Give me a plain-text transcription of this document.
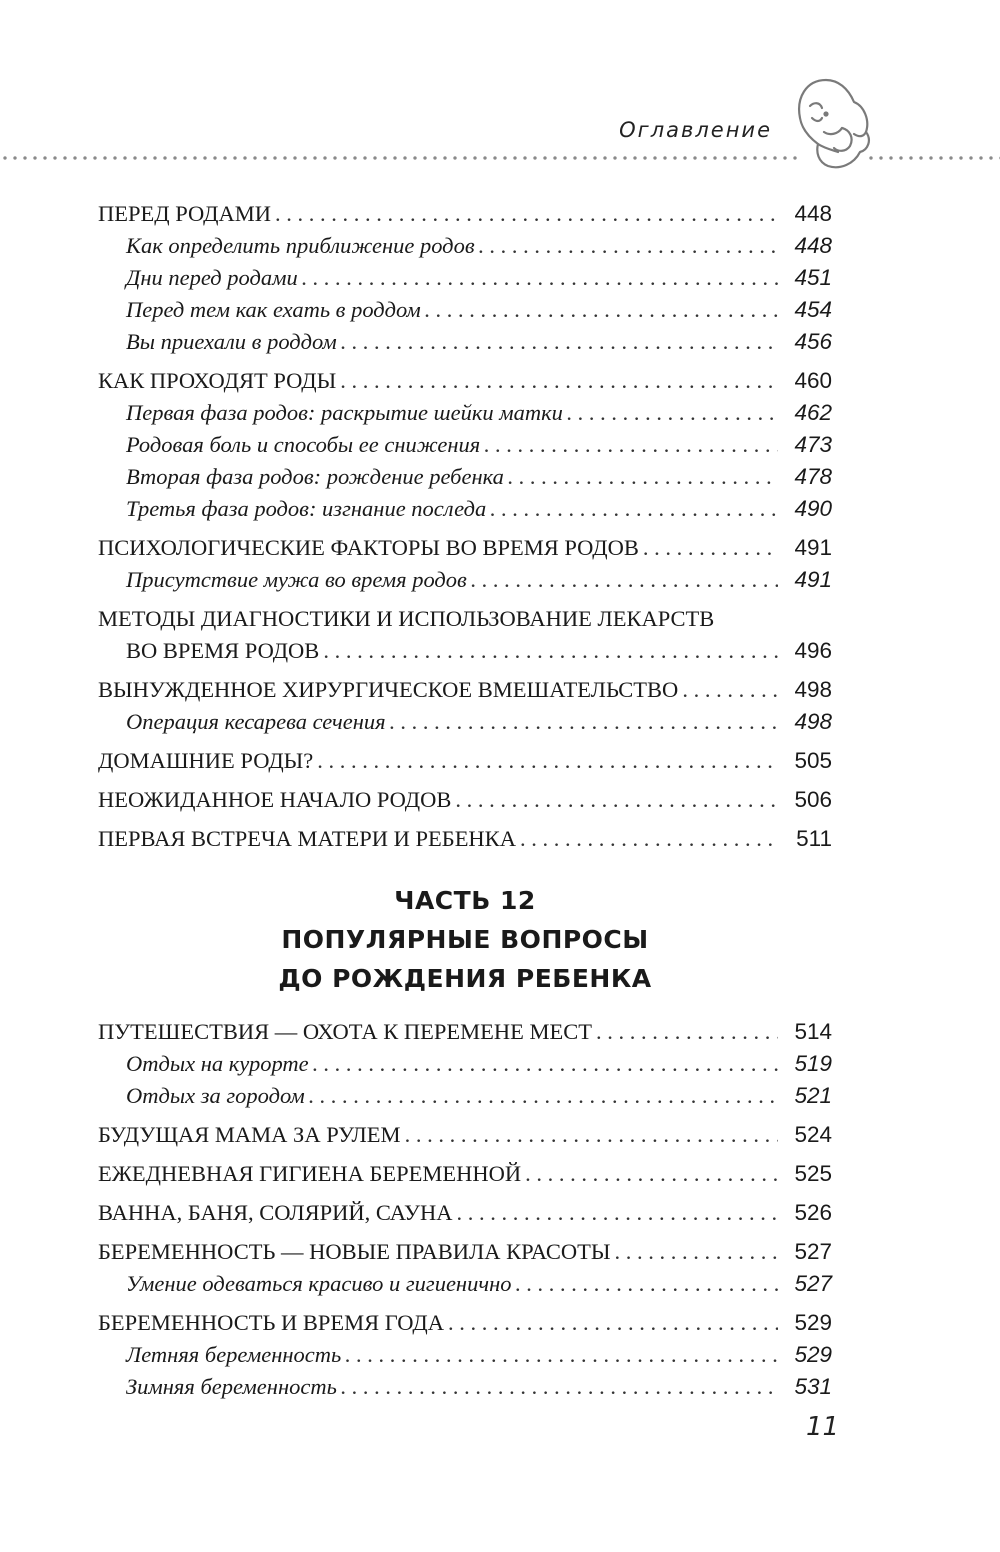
Оглавление
ПЕРЕД РОДАМИ . . .	448
Как определить приближение родов . . .	448
Дни перед родами . . .	451
Перед тем как ехать в роддом . . .	454
Вы приехали в роддом . . .	456
КАК ПРОХОДЯТ РОДЫ . . .	460
Первая фаза родов: раскрытие шейки матки . . .	462
Родовая боль и способы ее снижения . . .	473
Вторая фаза родов: рождение ребенка . . .	478
Третья фаза родов: изгнание последа . . .	490
ПСИХОЛОГИЧЕСКИЕ ФАКТОРЫ ВО ВРЕМЯ РОДОВ . . .	491
Присутствие мужа во время родов . . .	491
МЕТОДЫ ДИАГНОСТИКИ И ИСПОЛЬЗОВАНИЕ ЛЕКАРСТВ
ВО ВРЕМЯ РОДОВ . . .	496
ВЫНУЖДЕННОЕ ХИРУРГИЧЕСКОЕ ВМЕШАТЕЛЬСТВО . . .	498
Операция кесарева сечения . . .	498
ДОМАШНИЕ РОДЫ? . . .	505
НЕОЖИДАННОЕ НАЧАЛО РОДОВ . . .	506
ПЕРВАЯ ВСТРЕЧА МАТЕРИ И РЕБЕНКА . . .	511
ЧАСТЬ 12
ПОПУЛЯРНЫЕ ВОПРОСЫ
ДО РОЖДЕНИЯ РЕБЕНКА
ПУТЕШЕСТВИЯ — ОХОТА К ПЕРЕМЕНЕ МЕСТ . . .	514
Отдых на курорте . . .	519
Отдых за городом . . .	521
БУДУЩАЯ МАМА ЗА РУЛЕМ . . .	524
ЕЖЕДНЕВНАЯ ГИГИЕНА БЕРЕМЕННОЙ . . .	525
ВАННА, БАНЯ, СОЛЯРИЙ, САУНА . . .	526
БЕРЕМЕННОСТЬ — НОВЫЕ ПРАВИЛА КРАСОТЫ . . .	527
Умение одеваться красиво и гигиенично . . .	527
БЕРЕМЕННОСТЬ И ВРЕМЯ ГОДА . . .	529
Летняя беременность . . .	529
Зимняя беременность . . .	531
11
